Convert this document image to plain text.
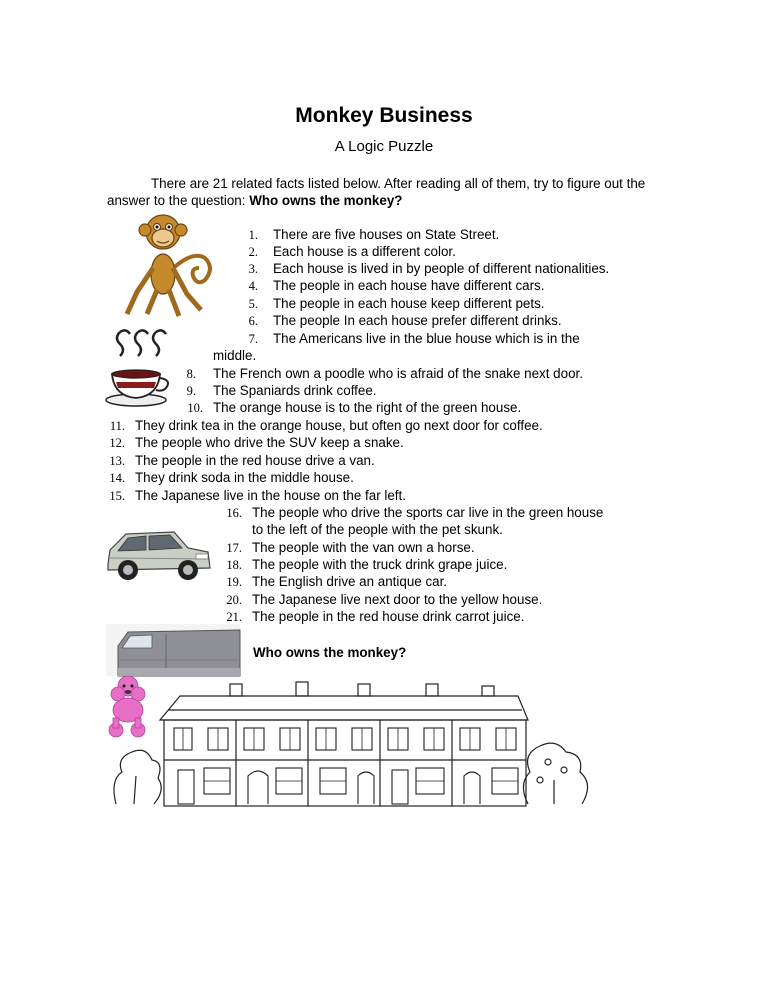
Monkey Business
A Logic Puzzle
There are 21 related facts listed below. After reading all of them, try to figure out the answer to the question: Who owns the monkey?
1. There are five houses on State Street.
2. Each house is a different color.
3. Each house is lived in by people of different nationalities.
4. The people in each house have different cars.
5. The people in each house keep different pets.
6. The people In each house prefer different drinks.
7. The Americans live in the blue house which is in the
middle.
8. The French own a poodle who is afraid of the snake next door.
9. The Spaniards drink coffee.
10. The orange house is to the right of the green house.
11. They drink tea in the orange house, but often go next door for coffee.
12. The people who drive the SUV keep a snake.
13. The people in the red house drive a van.
14. They drink soda in the middle house.
15. The Japanese live in the house on the far left.
16. The people who drive the sports car live in the green house
to the left of the people with the pet skunk.
17. The people with the van own a horse.
18. The people with the truck drink grape juice.
19. The English drive an antique car.
20. The Japanese live next door to the yellow house.
21. The people in the red house drink carrot juice.
Who owns the monkey?
